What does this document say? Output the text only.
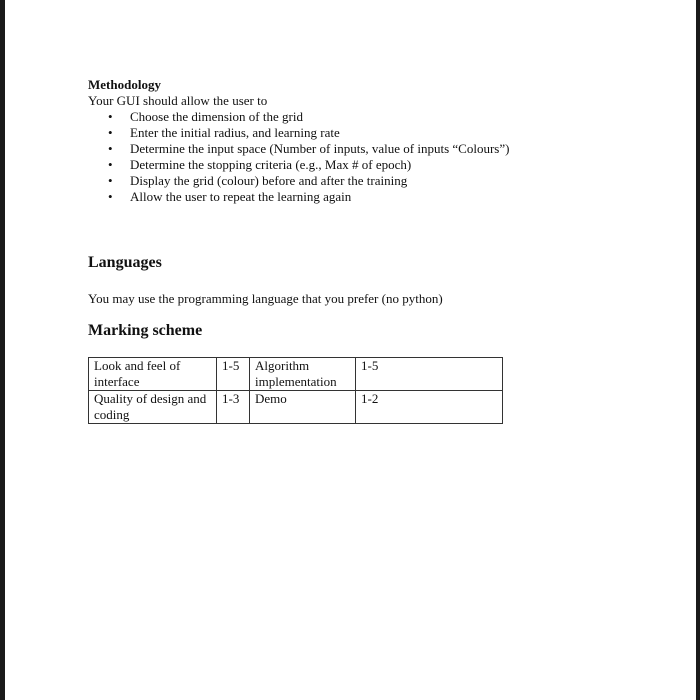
Methodology
Your GUI should allow the user to
• Choose the dimension of the grid
• Enter the initial radius, and learning rate
• Determine the input space (Number of inputs, value of inputs “Colours”)
• Determine the stopping criteria (e.g., Max # of epoch)
• Display the grid (colour) before and after the training
• Allow the user to repeat the learning again
Languages
You may use the programming language that you prefer (no python)
Marking scheme
Look and feel of interface	1-5	Algorithm implementation	1-5
Quality of design and coding	1-3	Demo	1-2
